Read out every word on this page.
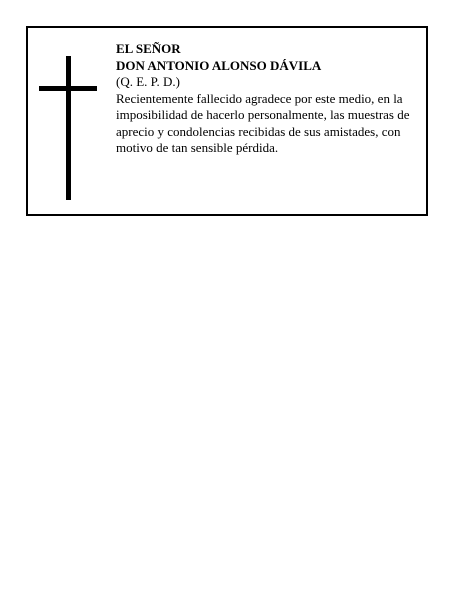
EL SEÑOR
DON ANTONIO ALONSO DÁVILA
(Q. E. P. D.)

Recientemente fallecido agradece por este medio, en la imposibilidad de hacerlo personalmente, las muestras de aprecio y condolencias recibidas de sus amistades, con motivo de tan sensible pérdida.
